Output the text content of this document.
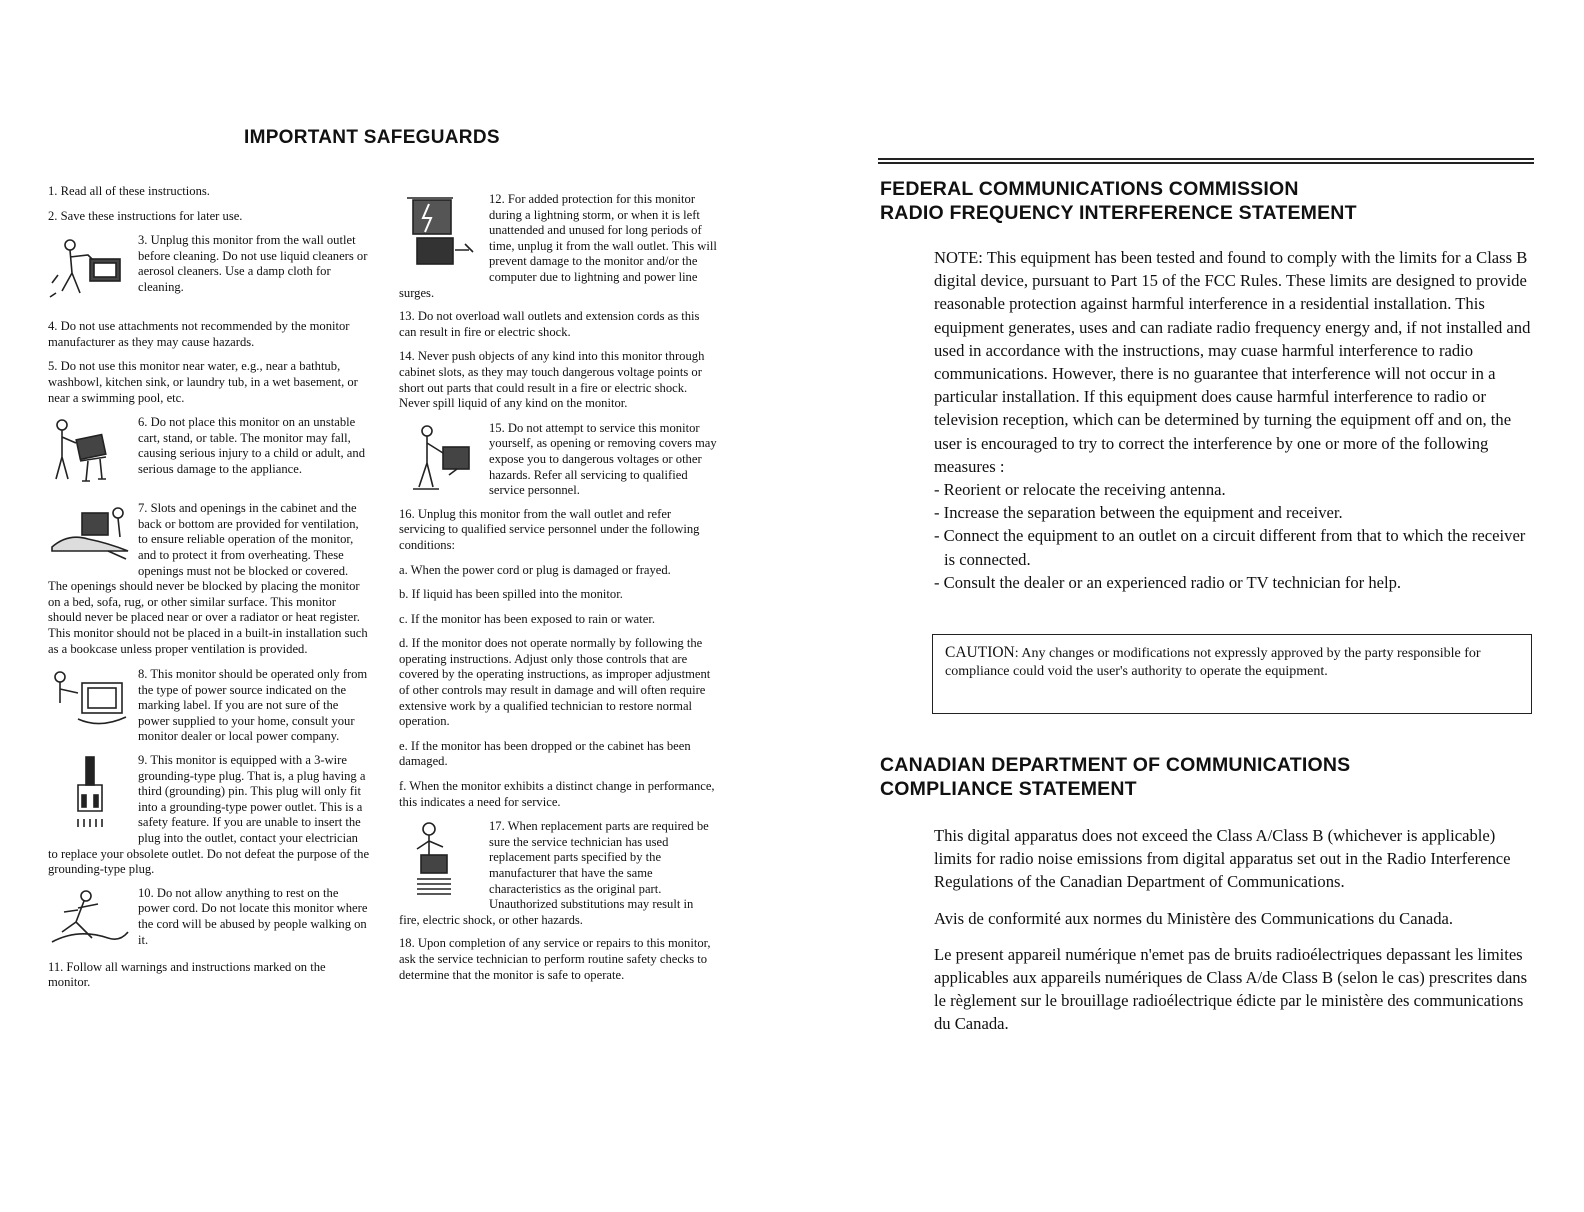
IMPORTANT SAFEGUARDS

1. Read all of these instructions.

2. Save these instructions for later use.

3. Unplug this monitor from the wall outlet before cleaning. Do not use liquid cleaners or aerosol cleaners. Use a damp cloth for cleaning.

4. Do not use attachments not recommended by the monitor manufacturer as they may cause hazards.

5. Do not use this monitor near water, e.g., near a bathtub, washbowl, kitchen sink, or laundry tub, in a wet basement, or near a swimming pool, etc.

6. Do not place this monitor on an unstable cart, stand, or table. The monitor may fall, causing serious injury to a child or adult, and serious damage to the appliance.
7. Slots and openings in the cabinet and the back or bottom are provided for ventilation, to ensure reliable operation of the monitor, and to protect it from overheating. These openings must not be blocked or covered. The openings should never be blocked by placing the monitor on a bed, sofa, rug, or other similar surface. This monitor should never be placed near or over a radiator or heat register. This monitor should not be placed in a built-in installation such as a bookcase unless proper ventilation is provided.
8. This monitor should be operated only from the type of power source indicated on the marking label. If you are not sure of the power supplied to your home, consult your monitor dealer or local power company.
9. This monitor is equipped with a 3-wire grounding-type plug. That is, a plug having a third (grounding) pin. This plug will only fit into a grounding-type power outlet. This is a safety feature. If you are unable to insert the plug into the outlet, contact your electrician to replace your obsolete outlet. Do not defeat the purpose of the grounding-type plug.
10. Do not allow anything to rest on the power cord. Do not locate this monitor where the cord will be abused by people walking on it.

11. Follow all warnings and instructions marked on the monitor.

12. For added protection for this monitor during a lightning storm, or when it is left unattended and unused for long periods of time, unplug it from the wall outlet. This will prevent damage to the monitor and/or the computer due to lightning and power line surges.

13. Do not overload wall outlets and extension cords as this can result in fire or electric shock.

14. Never push objects of any kind into this monitor through cabinet slots, as they may touch dangerous voltage points or short out parts that could result in a fire or electric shock. Never spill liquid of any kind on the monitor.

15. Do not attempt to service this monitor yourself, as opening or removing covers may expose you to dangerous voltages or other hazards. Refer all servicing to qualified service personnel.

16. Unplug this monitor from the wall outlet and refer servicing to qualified service personnel under the following conditions:

a. When the power cord or plug is damaged or frayed.

b. If liquid has been spilled into the monitor.

c. If the monitor has been exposed to rain or water.

d. If the monitor does not operate normally by following the operating instructions. Adjust only those controls that are covered by the operating instructions, as improper adjustment of other controls may result in damage and will often require extensive work by a qualified technician to restore normal operation.

e. If the monitor has been dropped or the cabinet has been damaged.

f. When the monitor exhibits a distinct change in performance, this indicates a need for service.

17. When replacement parts are required be sure the service technician has used replacement parts specified by the manufacturer that have the same characteristics as the original part. Unauthorized substitutions may result in fire, electric shock, or other hazards.

18. Upon completion of any service or repairs to this monitor, ask the service technician to perform routine safety checks to determine that the monitor is safe to operate.

FEDERAL COMMUNICATIONS COMMISSION
RADIO FREQUENCY INTERFERENCE STATEMENT

NOTE: This equipment has been tested and found to comply with the limits for a Class B digital device, pursuant to Part 15 of the FCC Rules. These limits are designed to provide reasonable protection against harmful interference in a residential installation. This equipment generates, uses and can radiate radio frequency energy and, if not installed and used in accordance with the instructions, may cuase harmful interference to radio communications. However, there is no guarantee that interference will not occur in a particular installation. If this equipment does cause harmful interference to radio or television reception, which can be determined by turning the equipment off and on, the user is encouraged to try to correct the interference by one or more of the following measures :

- Reorient or relocate the receiving antenna.

- Increase the separation between the equipment and receiver.

- Connect the equipment to an outlet on a circuit different from that to which the receiver is connected.

- Consult the dealer or an experienced radio or TV technician for help.

CAUTION: Any changes or modifications not expressly approved by the party responsible for compliance could void the user's authority to operate the equipment.
CANADIAN DEPARTMENT OF COMMUNICATIONS
COMPLIANCE STATEMENT

This digital apparatus does not exceed the Class A/Class B (whichever is applicable) limits for radio noise emissions from digital apparatus set out in the Radio Interference Regulations of the Canadian Department of Communications.

Avis de conformité aux normes du Ministère des Communications du Canada.

Le present appareil numérique n'emet pas de bruits radioélectriques depassant les limites applicables aux appareils numériques de Class A/de Class B (selon le cas) prescrites dans le règlement sur le brouillage radioélectrique édicte par le ministère des communications du Canada.
